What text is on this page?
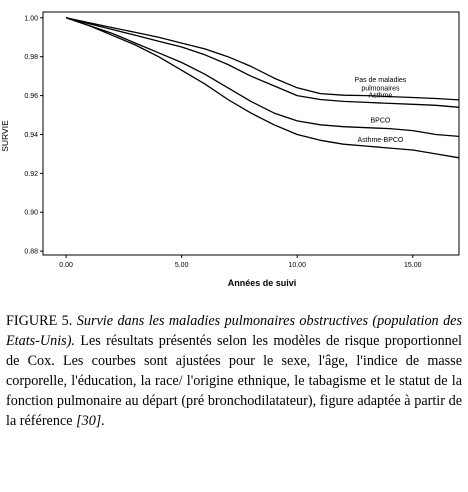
0.88
0.90
0.92
0.94
0.96
0.98
1.00
0.00	5.00	10.00	15.00
Pas de maladies pulmonaires
Asthme
BPCO
Asthme-BPCO
SURVIE
Années de suivi

FIGURE 5. Survie dans les maladies pulmonaires obstructives (population des Etats-Unis). Les résultats présentés selon les modèles de risque proportionnel de Cox. Les courbes sont ajustées pour le sexe, l'âge, l'indice de masse corporelle, l'éducation, la race/ l'origine ethnique, le tabagisme et le statut de la fonction pulmonaire au départ (pré bronchodilatateur), figure adaptée à partir de la référence [30].
